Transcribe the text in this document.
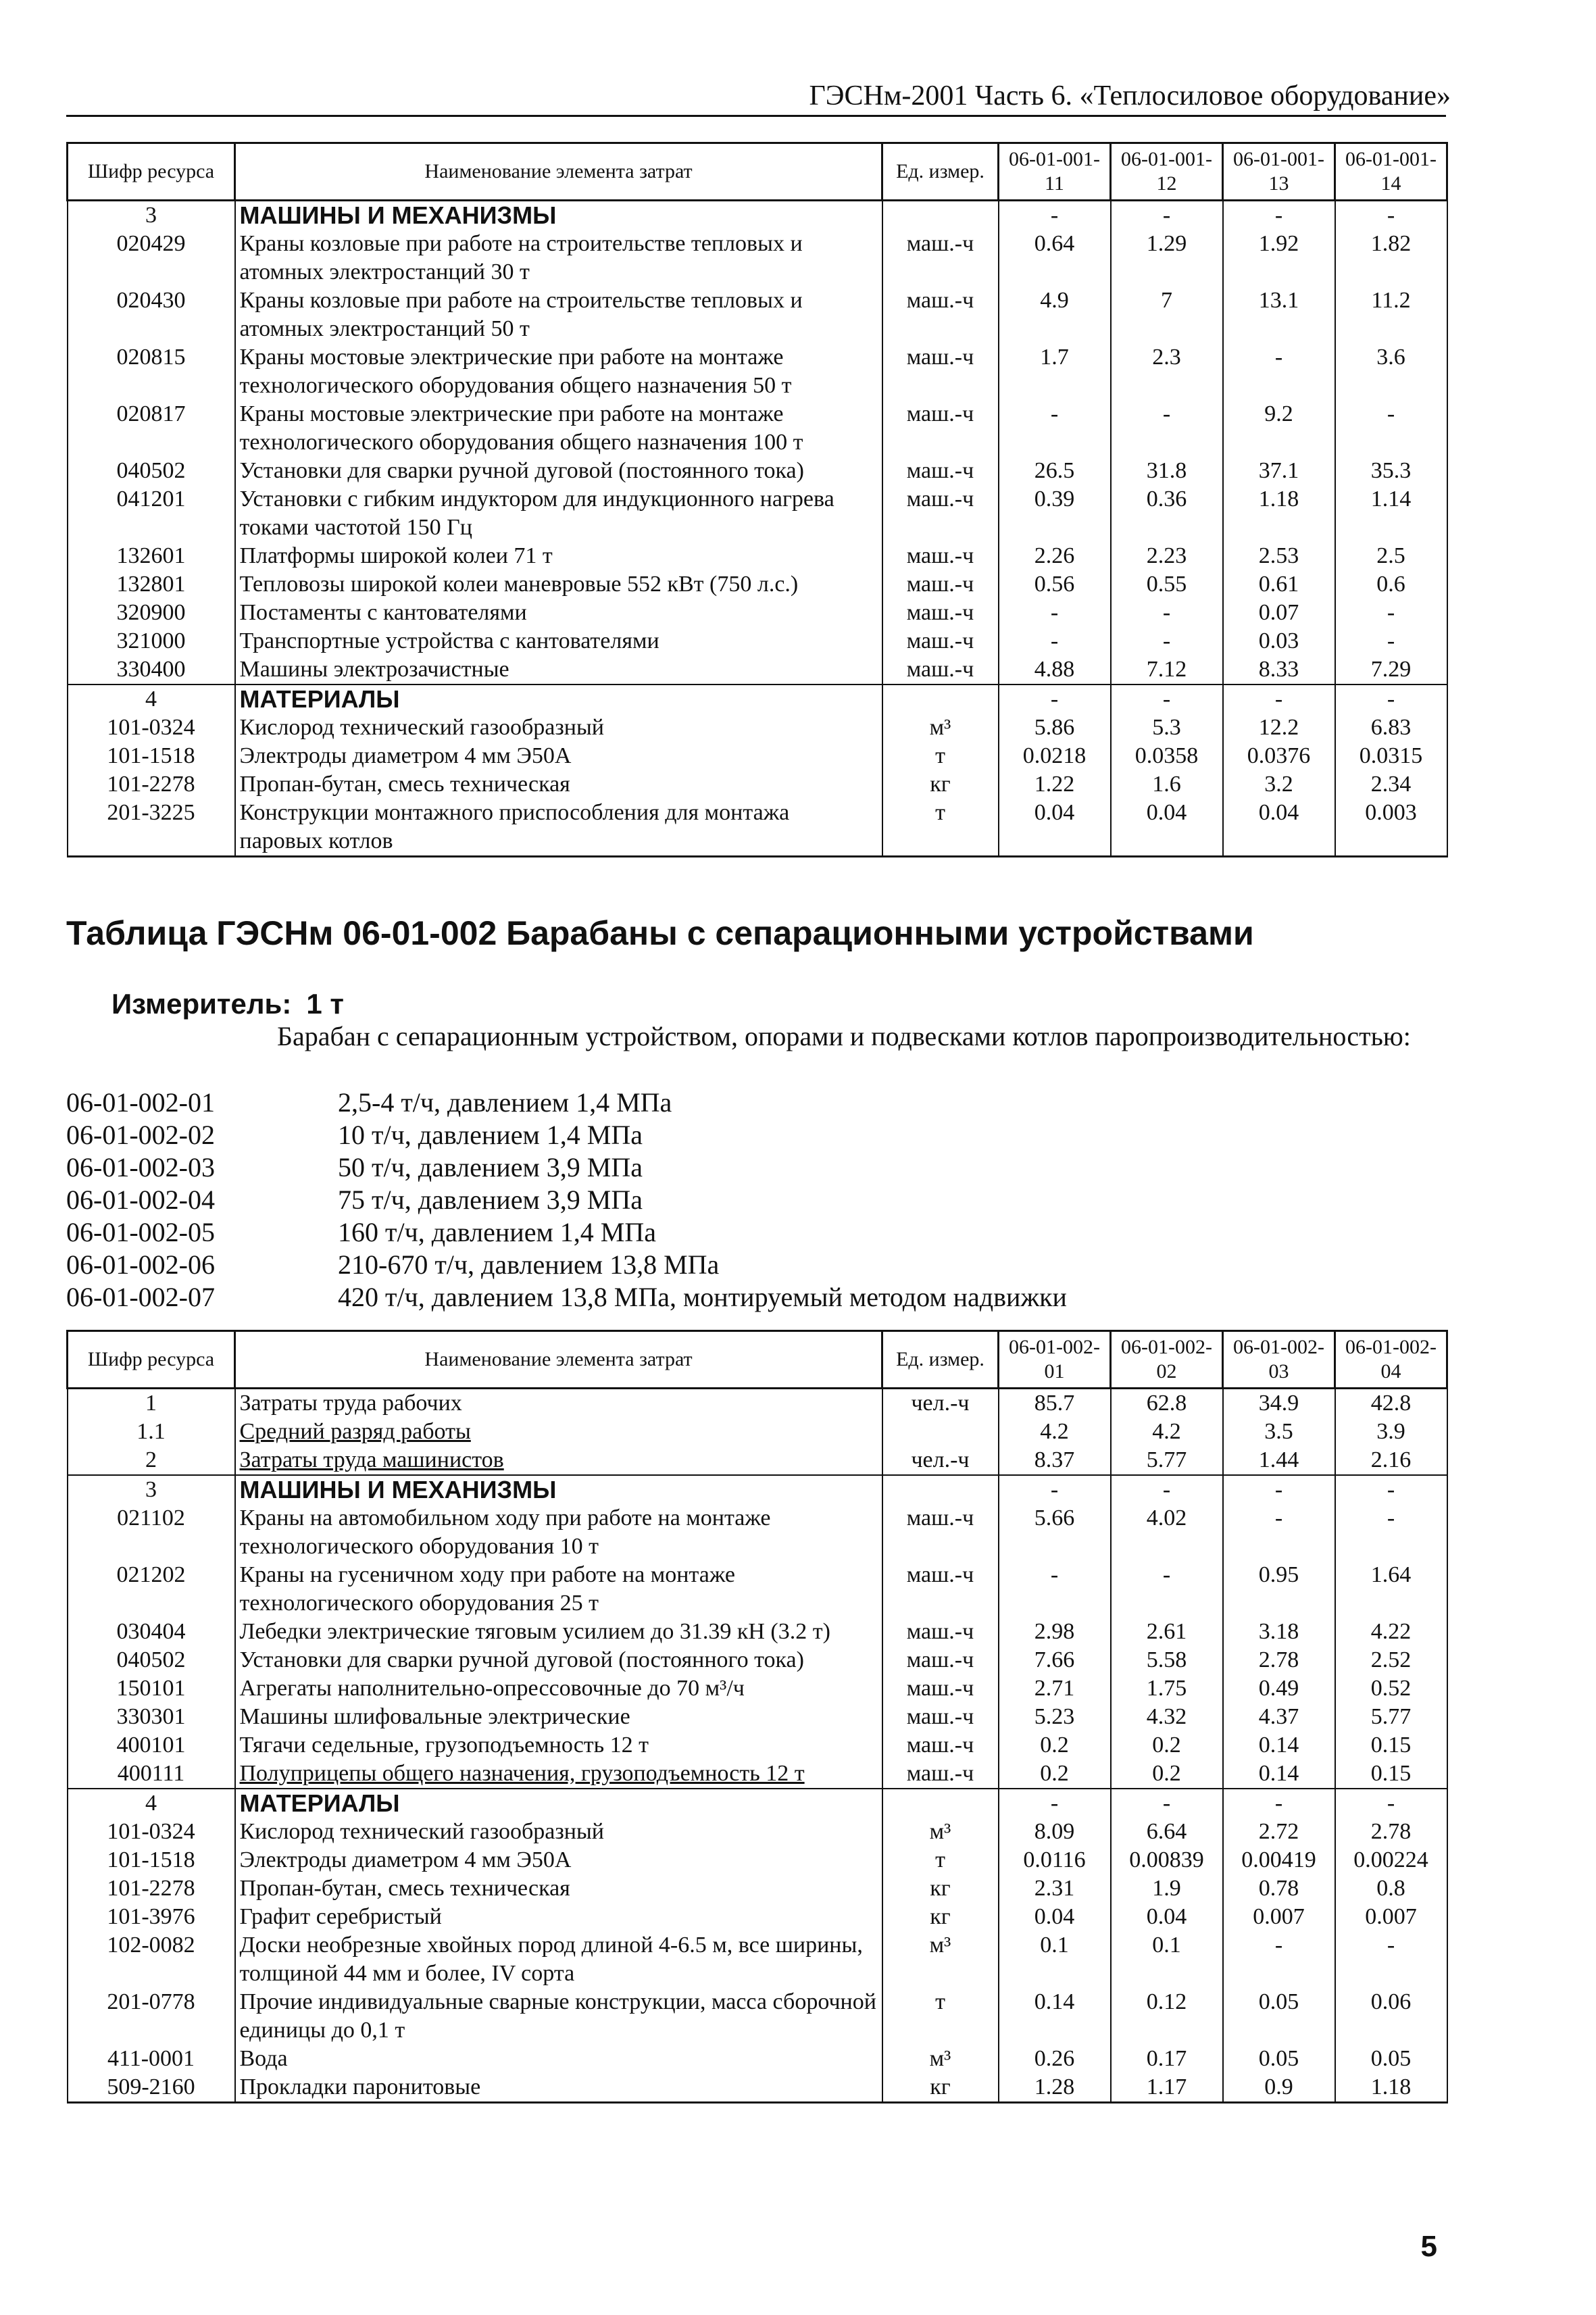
ГЭСНм-2001 Часть 6. «Теплосиловое оборудование»
Шифр ресурса	Наименование элемента затрат	Ед. измер.	06-01-001-11	06-01-001-12	06-01-001-13	06-01-001-14
3	МАШИНЫ И МЕХАНИЗМЫ		-	-	-	-
020429	Краны козловые при работе на строительстве тепловых и атомных электростанций 30 т	маш.-ч	0.64	1.29	1.92	1.82
020430	Краны козловые при работе на строительстве тепловых и атомных электростанций 50 т	маш.-ч	4.9	7	13.1	11.2
020815	Краны мостовые электрические при работе на монтаже технологического оборудования общего назначения 50 т	маш.-ч	1.7	2.3	-	3.6
020817	Краны мостовые электрические при работе на монтаже технологического оборудования общего назначения 100 т	маш.-ч	-	-	9.2	-
040502	Установки для сварки ручной дуговой (постоянного тока)	маш.-ч	26.5	31.8	37.1	35.3
041201	Установки с гибким индуктором для индукционного нагрева токами частотой 150 Гц	маш.-ч	0.39	0.36	1.18	1.14
132601	Платформы широкой колеи 71 т	маш.-ч	2.26	2.23	2.53	2.5
132801	Тепловозы широкой колеи маневровые 552 кВт (750 л.с.)	маш.-ч	0.56	0.55	0.61	0.6
320900	Постаменты с кантователями	маш.-ч	-	-	0.07	-
321000	Транспортные устройства с кантователями	маш.-ч	-	-	0.03	-
330400	Машины электрозачистные	маш.-ч	4.88	7.12	8.33	7.29
4	МАТЕРИАЛЫ		-	-	-	-
101-0324	Кислород технический газообразный	м³	5.86	5.3	12.2	6.83
101-1518	Электроды диаметром 4 мм Э50А	т	0.0218	0.0358	0.0376	0.0315
101-2278	Пропан-бутан, смесь техническая	кг	1.22	1.6	3.2	2.34
201-3225	Конструкции монтажного приспособления для монтажа паровых котлов	т	0.04	0.04	0.04	0.003
Таблица ГЭСНм 06-01-002 Барабаны с сепарационными устройствами
Измеритель: 1 т
Барабан с сепарационным устройством, опорами и подвесками котлов паропроизводительностью:
06-01-002-01	2,5-4 т/ч, давлением 1,4 МПа
06-01-002-02	10 т/ч, давлением 1,4 МПа
06-01-002-03	50 т/ч, давлением 3,9 МПа
06-01-002-04	75 т/ч, давлением 3,9 МПа
06-01-002-05	160 т/ч, давлением 1,4 МПа
06-01-002-06	210-670 т/ч, давлением 13,8 МПа
06-01-002-07	420 т/ч, давлением 13,8 МПа, монтируемый методом надвижки
Шифр ресурса	Наименование элемента затрат	Ед. измер.	06-01-002-01	06-01-002-02	06-01-002-03	06-01-002-04
1	Затраты труда рабочих	чел.-ч	85.7	62.8	34.9	42.8
1.1	Средний разряд работы		4.2	4.2	3.5	3.9
2	Затраты труда машинистов	чел.-ч	8.37	5.77	1.44	2.16
3	МАШИНЫ И МЕХАНИЗМЫ		-	-	-	-
021102	Краны на автомобильном ходу при работе на монтаже технологического оборудования 10 т	маш.-ч	5.66	4.02	-	-
021202	Краны на гусеничном ходу при работе на монтаже технологического оборудования 25 т	маш.-ч	-	-	0.95	1.64
030404	Лебедки электрические тяговым усилием до 31.39 кН (3.2 т)	маш.-ч	2.98	2.61	3.18	4.22
040502	Установки для сварки ручной дуговой (постоянного тока)	маш.-ч	7.66	5.58	2.78	2.52
150101	Агрегаты наполнительно-опрессовочные до 70 м³/ч	маш.-ч	2.71	1.75	0.49	0.52
330301	Машины шлифовальные электрические	маш.-ч	5.23	4.32	4.37	5.77
400101	Тягачи седельные, грузоподъемность 12 т	маш.-ч	0.2	0.2	0.14	0.15
400111	Полуприцепы общего назначения, грузоподъемность 12 т	маш.-ч	0.2	0.2	0.14	0.15
4	МАТЕРИАЛЫ		-	-	-	-
101-0324	Кислород технический газообразный	м³	8.09	6.64	2.72	2.78
101-1518	Электроды диаметром 4 мм Э50А	т	0.0116	0.00839	0.00419	0.00224
101-2278	Пропан-бутан, смесь техническая	кг	2.31	1.9	0.78	0.8
101-3976	Графит серебристый	кг	0.04	0.04	0.007	0.007
102-0082	Доски необрезные хвойных пород длиной 4-6.5 м, все ширины, толщиной 44 мм и более, IV сорта	м³	0.1	0.1	-	-
201-0778	Прочие индивидуальные сварные конструкции, масса сборочной единицы до 0,1 т	т	0.14	0.12	0.05	0.06
411-0001	Вода	м³	0.26	0.17	0.05	0.05
509-2160	Прокладки паронитовые	кг	1.28	1.17	0.9	1.18
5
